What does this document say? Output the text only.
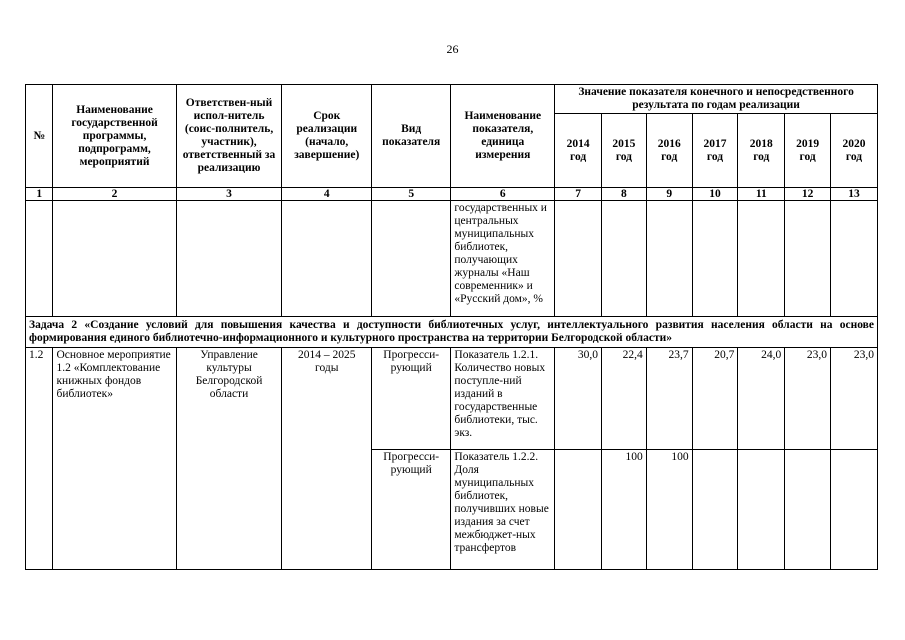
26
№	Наименование государственной программы, подпрограмм, мероприятий	Ответствен-ный испол-нитель (соис-полнитель, участник), ответственный за реализацию	Срок реализации (начало, завершение)	Вид показателя	Наименование показателя, единица измерения	Значение показателя конечного и непосредственного результата по годам реализации						
						2014 год	2015 год	2016 год	2017 год	2018 год	2019 год	2020 год
1	2	3	4	5	6	7	8	9	10	11	12	13
					государственных и центральных муниципальных библиотек, получающих журналы «Наш современник» и «Русский дом», %							
Задача 2 «Создание условий для повышения качества и доступности библиотечных услуг, интеллектуального развития населения области на основе формирования единого библиотечно-информационного и культурного пространства на территории Белгородской области»												
1.2	Основное мероприятие 1.2 «Комплектование книжных фондов библиотек»	Управление культуры Белгородской области	2014 – 2025 годы	Прогресси-рующий	Показатель 1.2.1. Количество новых поступле-ний изданий в государственные библиотеки, тыс. экз.	30,0	22,4	23,7	20,7	24,0	23,0	23,0
				Прогресси-рующий	Показатель 1.2.2. Доля муниципальных библиотек, получивших новые издания за счет межбюджет-ных трансфертов		100	100				
